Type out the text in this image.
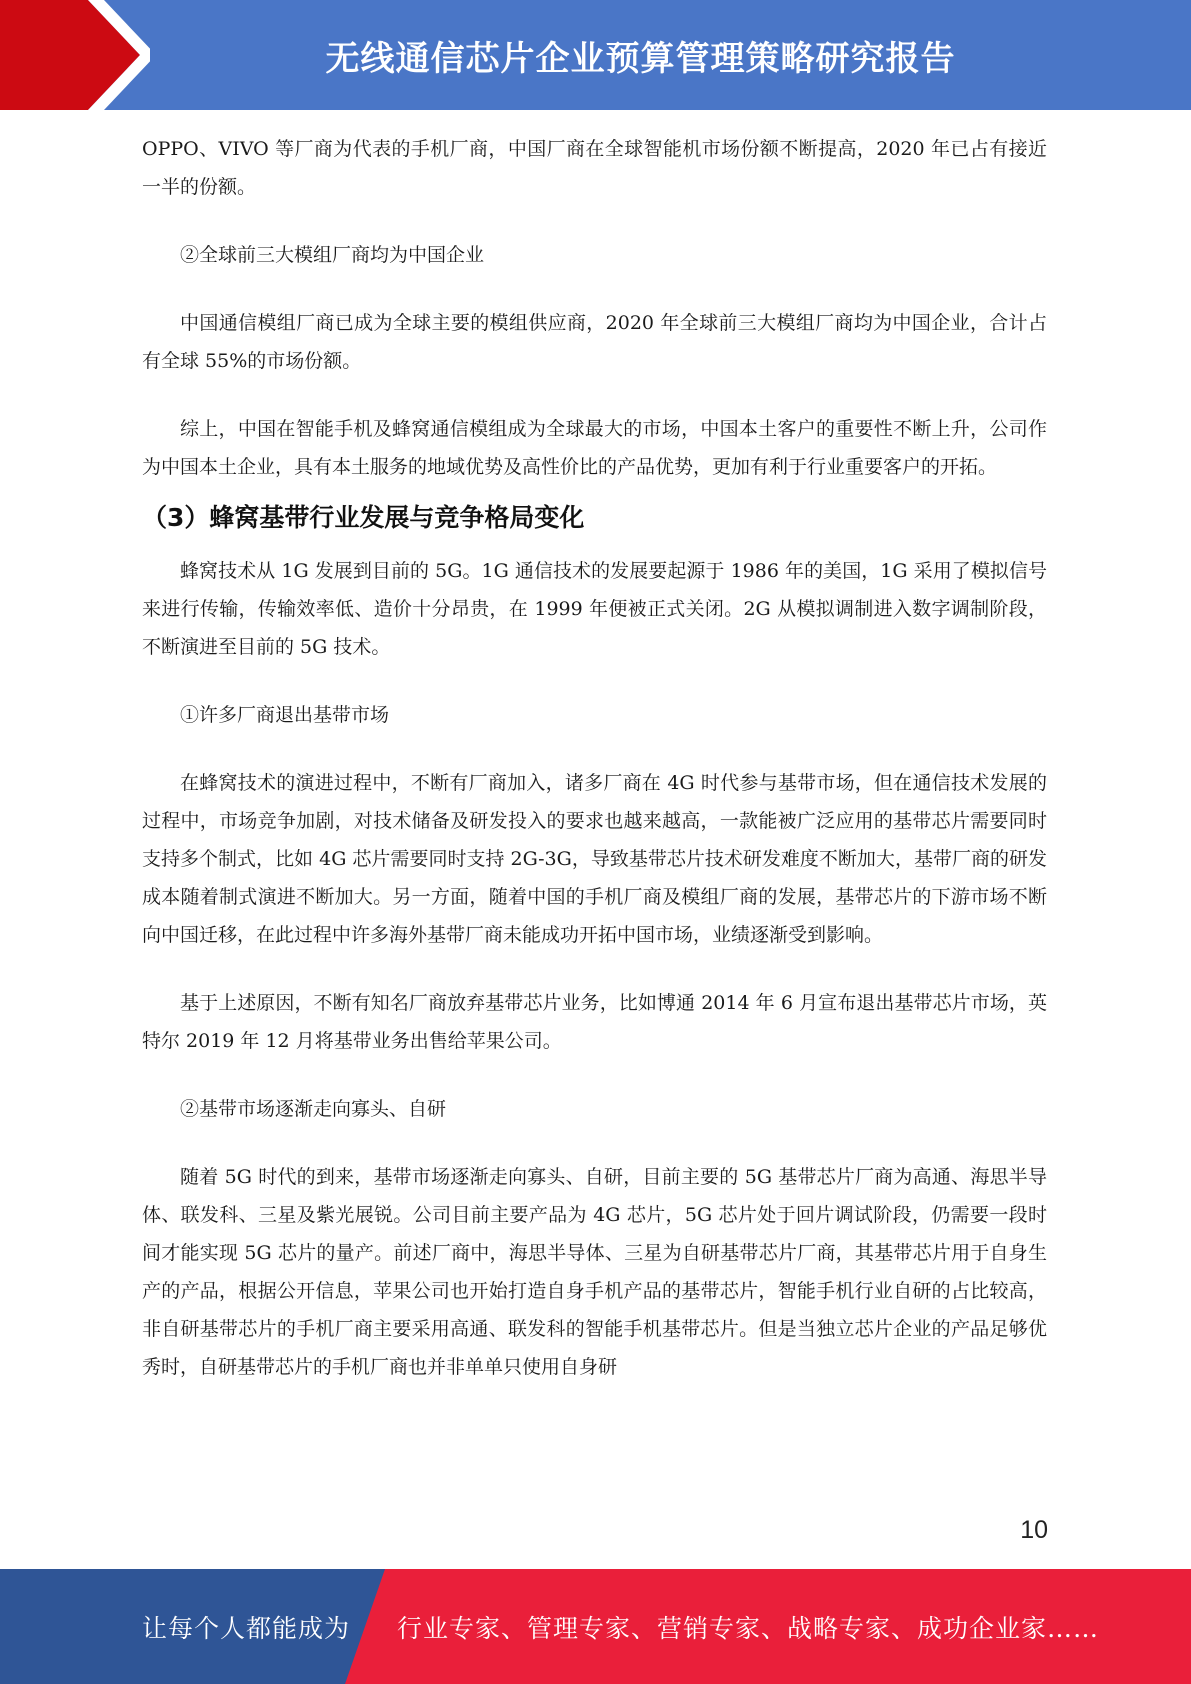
无线通信芯片企业预算管理策略研究报告

OPPO、VIVO 等厂商为代表的手机厂商，中国厂商在全球智能机市场份额不断提高，2020 年已占有接近一半的份额。

②全球前三大模组厂商均为中国企业

中国通信模组厂商已成为全球主要的模组供应商，2020 年全球前三大模组厂商均为中国企业，合计占有全球 55%的市场份额。

综上，中国在智能手机及蜂窝通信模组成为全球最大的市场，中国本土客户的重要性不断上升，公司作为中国本土企业，具有本土服务的地域优势及高性价比的产品优势，更加有利于行业重要客户的开拓。

（3）蜂窝基带行业发展与竞争格局变化

蜂窝技术从 1G 发展到目前的 5G。1G 通信技术的发展要起源于 1986 年的美国，1G 采用了模拟信号来进行传输，传输效率低、造价十分昂贵，在 1999 年便被正式关闭。2G 从模拟调制进入数字调制阶段，不断演进至目前的 5G 技术。

①许多厂商退出基带市场

在蜂窝技术的演进过程中，不断有厂商加入，诸多厂商在 4G 时代参与基带市场，但在通信技术发展的过程中，市场竞争加剧，对技术储备及研发投入的要求也越来越高，一款能被广泛应用的基带芯片需要同时支持多个制式，比如 4G 芯片需要同时支持 2G-3G，导致基带芯片技术研发难度不断加大，基带厂商的研发成本随着制式演进不断加大。另一方面，随着中国的手机厂商及模组厂商的发展，基带芯片的下游市场不断向中国迁移，在此过程中许多海外基带厂商未能成功开拓中国市场，业绩逐渐受到影响。

基于上述原因，不断有知名厂商放弃基带芯片业务，比如博通 2014 年 6 月宣布退出基带芯片市场，英特尔 2019 年 12 月将基带业务出售给苹果公司。

②基带市场逐渐走向寡头、自研

随着 5G 时代的到来，基带市场逐渐走向寡头、自研，目前主要的 5G 基带芯片厂商为高通、海思半导体、联发科、三星及紫光展锐。公司目前主要产品为 4G 芯片，5G 芯片处于回片调试阶段，仍需要一段时间才能实现 5G 芯片的量产。前述厂商中，海思半导体、三星为自研基带芯片厂商，其基带芯片用于自身生产的产品，根据公开信息，苹果公司也开始打造自身手机产品的基带芯片，智能手机行业自研的占比较高，非自研基带芯片的手机厂商主要采用高通、联发科的智能手机基带芯片。但是当独立芯片企业的产品足够优秀时，自研基带芯片的手机厂商也并非单单只使用自身研

10
让每个人都能成为 行业专家、管理专家、营销专家、战略专家、成功企业家……
